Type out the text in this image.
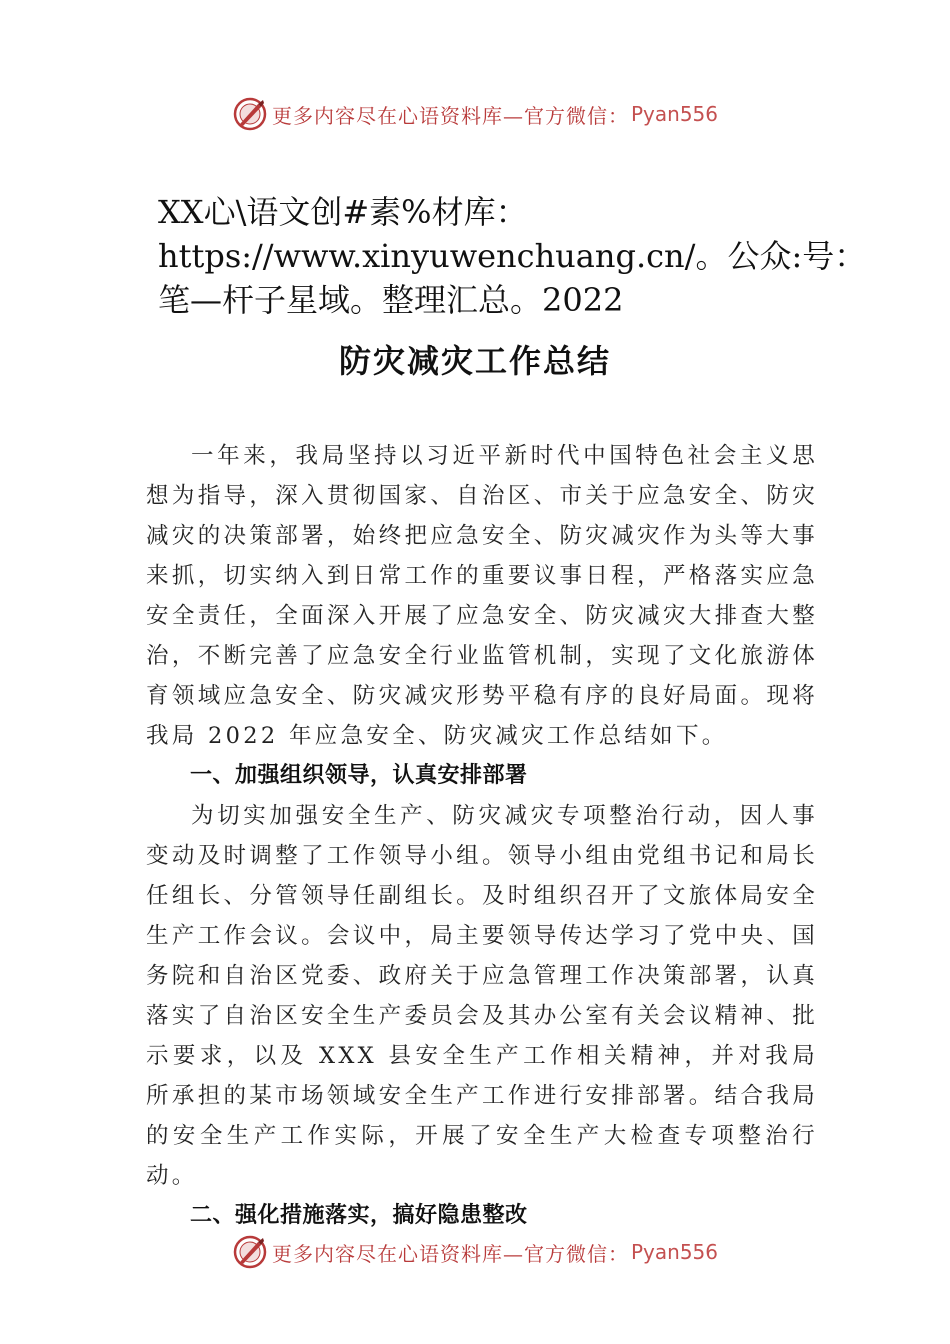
更多内容尽在心语资料库—官方微信： Pyan556
XX心\语文创#素%材库：
https://www.xinyuwenchuang.cn/。公众:号：
笔—杆子星域。整理汇总。2022
防灾减灾工作总结

一年来，我局坚持以习近平新时代中国特色社会主义思想为指导，深入贯彻国家、自治区、市关于应急安全、防灾减灾的决策部署，始终把应急安全、防灾减灾作为头等大事来抓，切实纳入到日常工作的重要议事日程，严格落实应急安全责任，全面深入开展了应急安全、防灾减灾大排查大整治，不断完善了应急安全行业监管机制，实现了文化旅游体育领域应急安全、防灾减灾形势平稳有序的良好局面。现将我局 2022 年应急安全、防灾减灾工作总结如下。

一、加强组织领导，认真安排部署

为切实加强安全生产、防灾减灾专项整治行动，因人事变动及时调整了工作领导小组。领导小组由党组书记和局长任组长、分管领导任副组长。及时组织召开了文旅体局安全生产工作会议。会议中，局主要领导传达学习了党中央、国务院和自治区党委、政府关于应急管理工作决策部署，认真落实了自治区安全生产委员会及其办公室有关会议精神、批示要求，以及 XXX 县安全生产工作相关精神，并对我局所承担的某市场领域安全生产工作进行安排部署。结合我局的安全生产工作实际，开展了安全生产大检查专项整治行动。

二、强化措施落实，搞好隐患整改

更多内容尽在心语资料库—官方微信： Pyan556
